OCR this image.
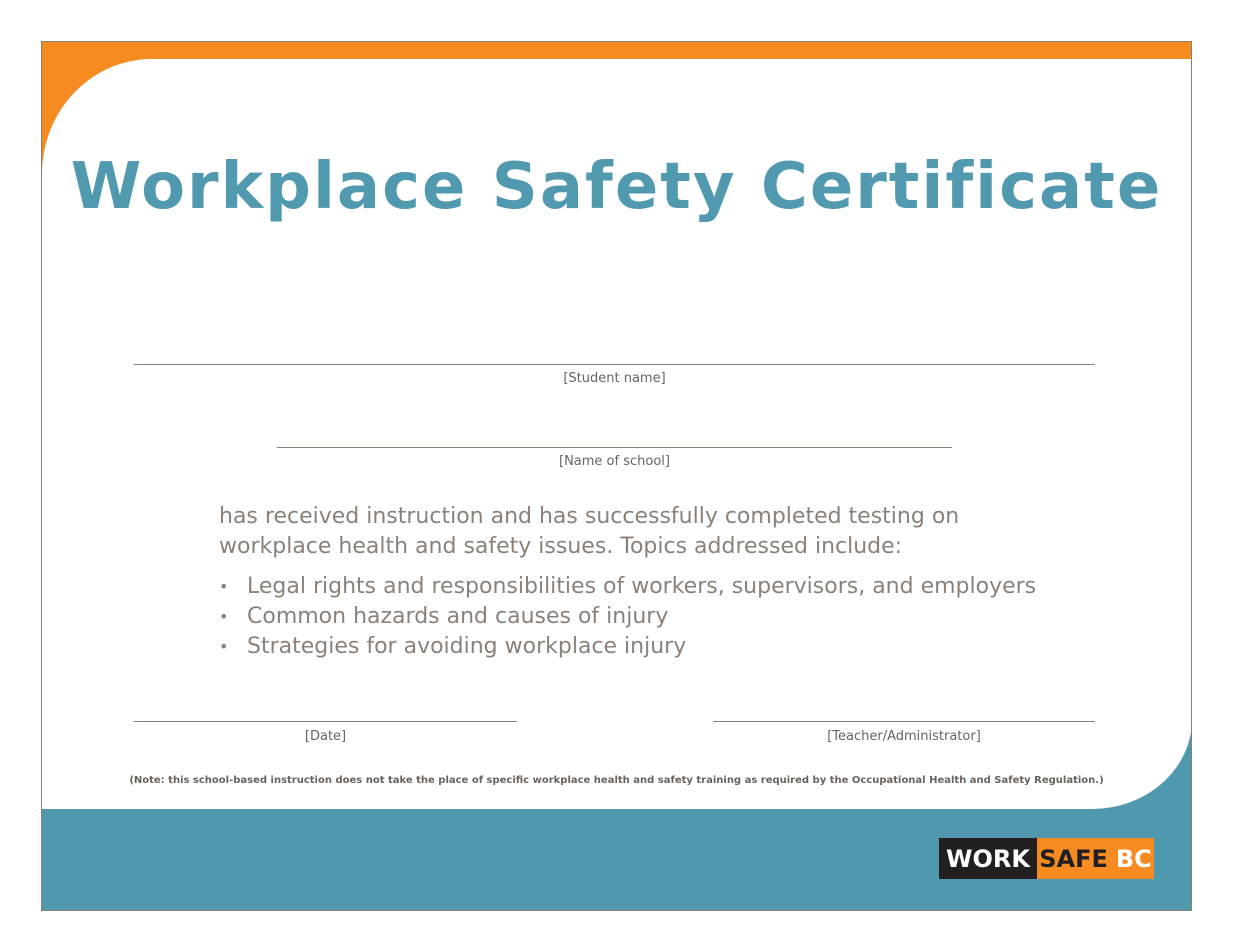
Workplace Safety Certificate
[Student name]
[Name of school]
has received instruction and has successfully completed testing on
workplace health and safety issues. Topics addressed include:
• Legal rights and responsibilities of workers, supervisors, and employers
• Common hazards and causes of injury
• Strategies for avoiding workplace injury
[Date]	[Teacher/Administrator]
(Note: this school-based instruction does not take the place of specific workplace health and safety training as required by the Occupational Health and Safety Regulation.)
WORK SAFE BC
